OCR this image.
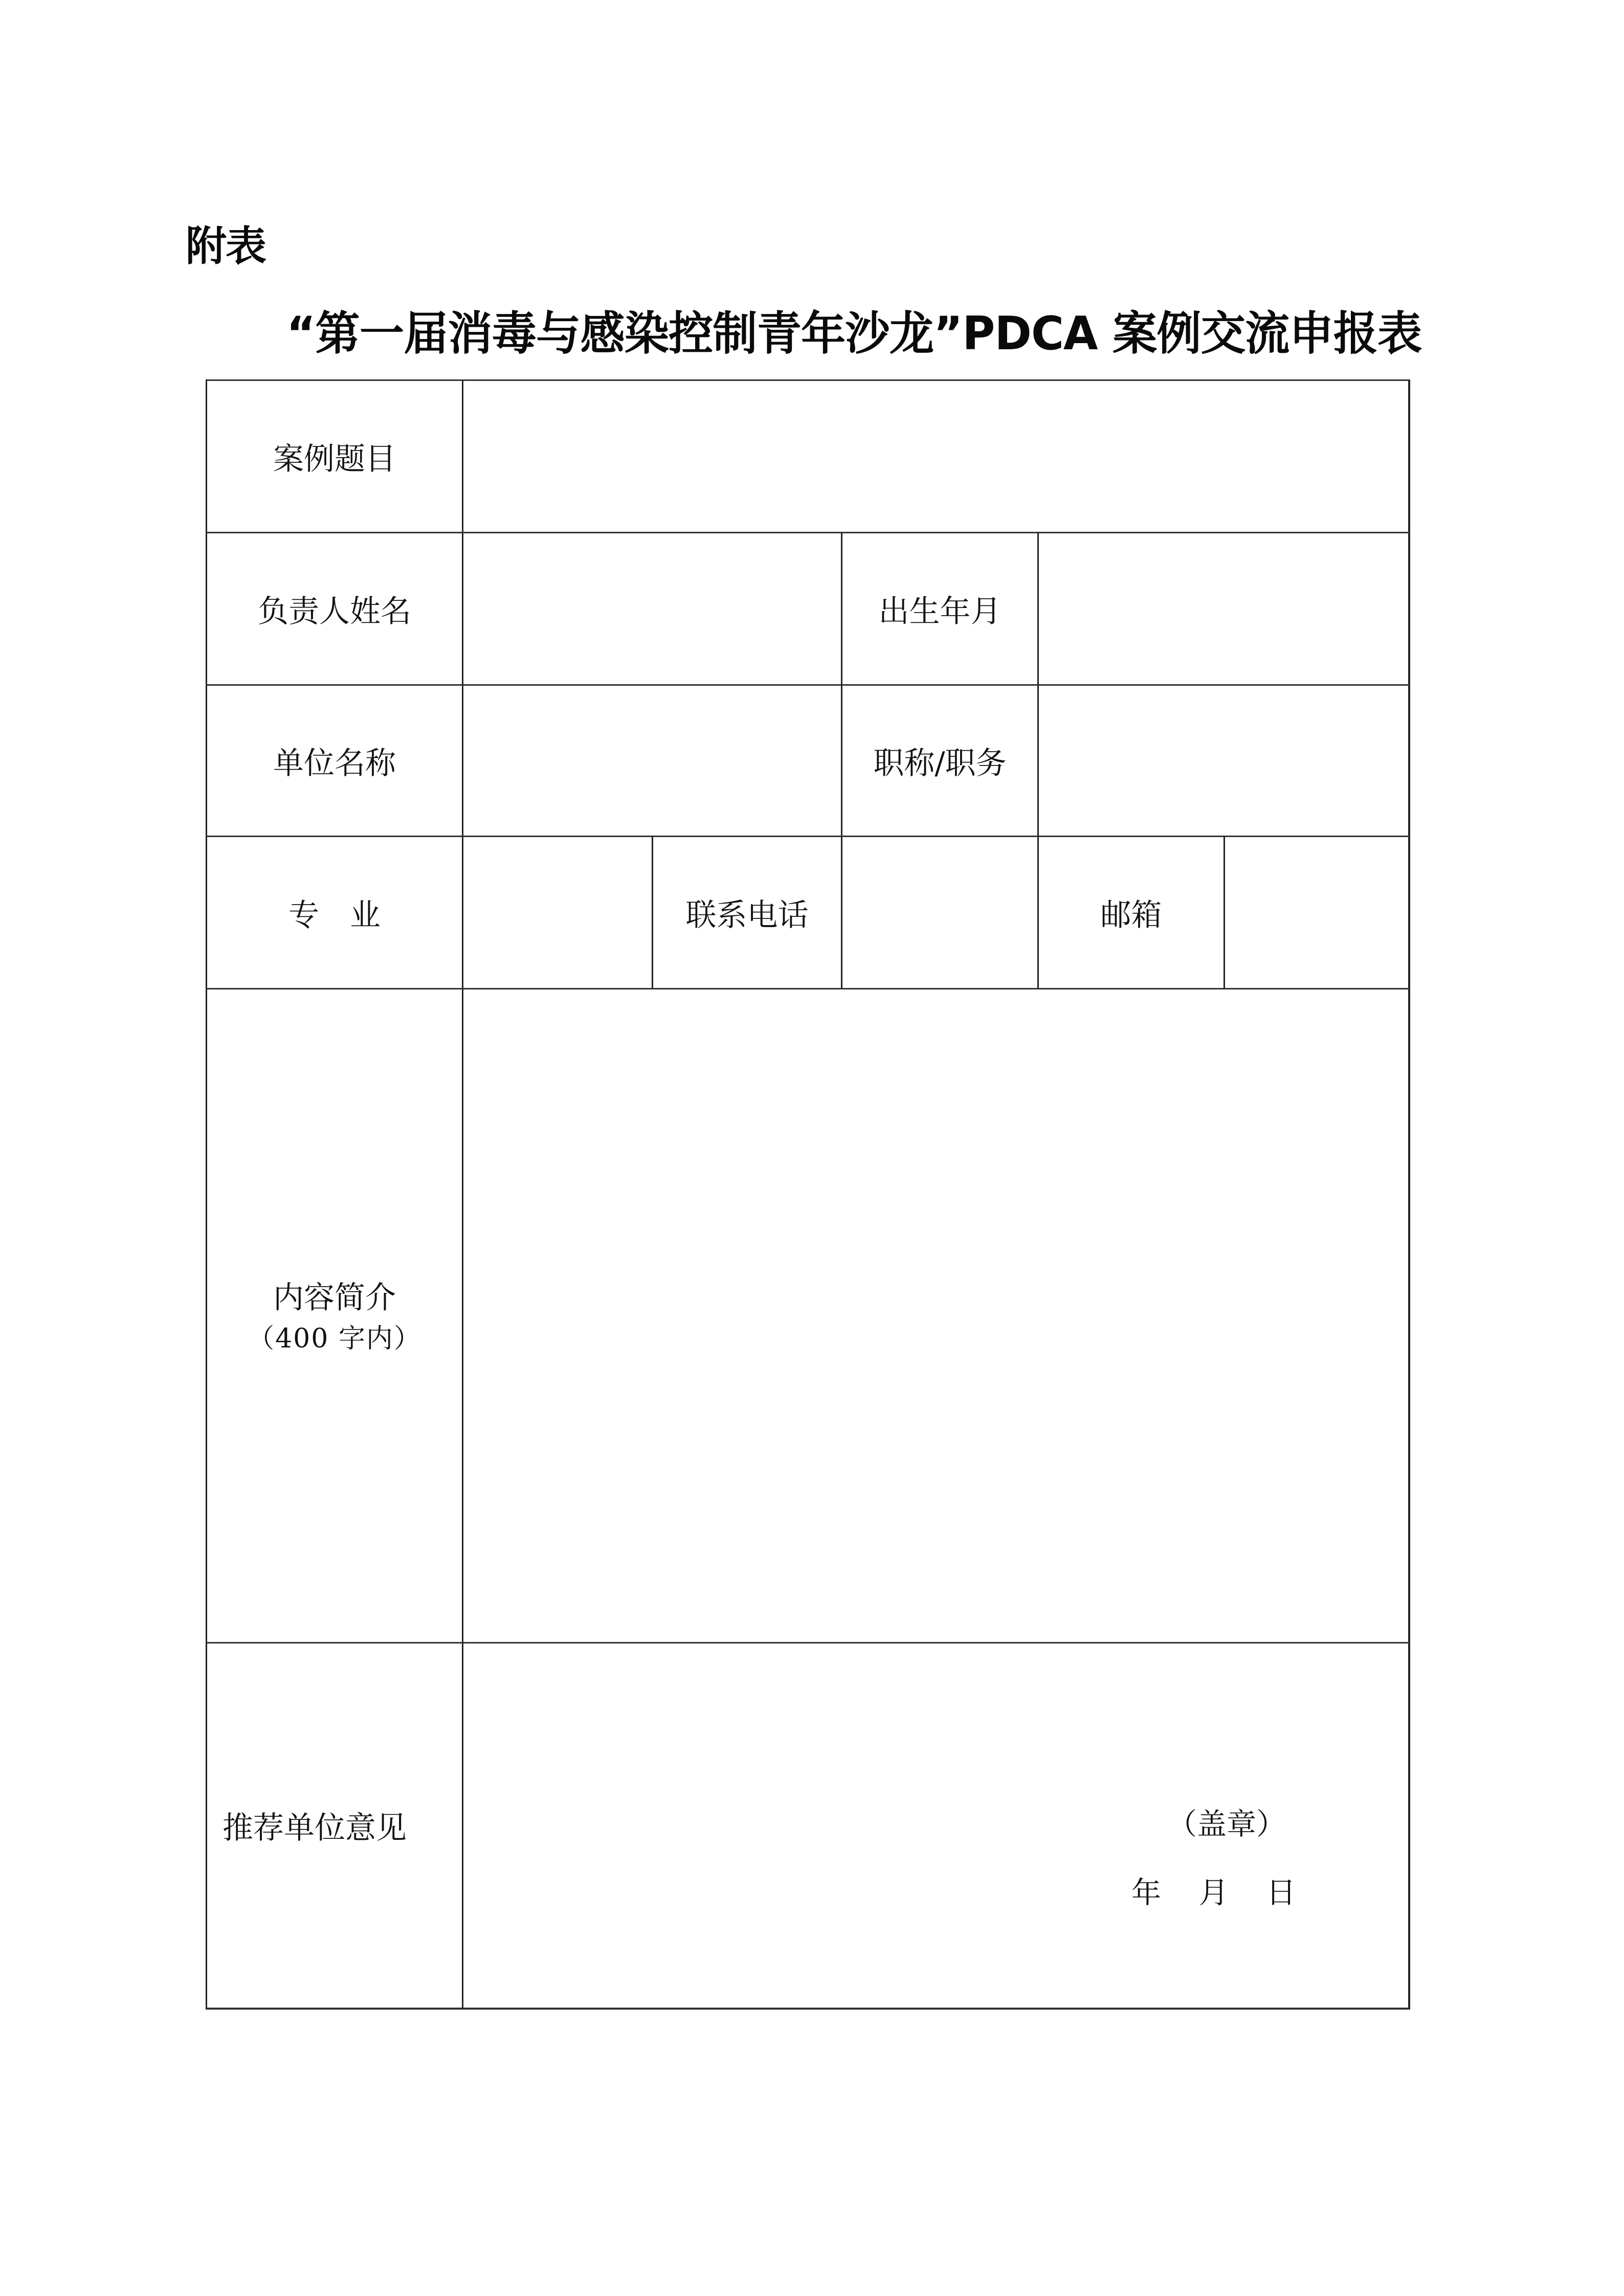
附表
“第一届消毒与感染控制青年沙龙”PDCA 案例交流申报表
案例题目
负责人姓名	出生年月
单位名称	职称/职务
专业	联系电话	邮箱
内容简介
（400 字内）
推荐单位意见	（盖章）
年    月    日
